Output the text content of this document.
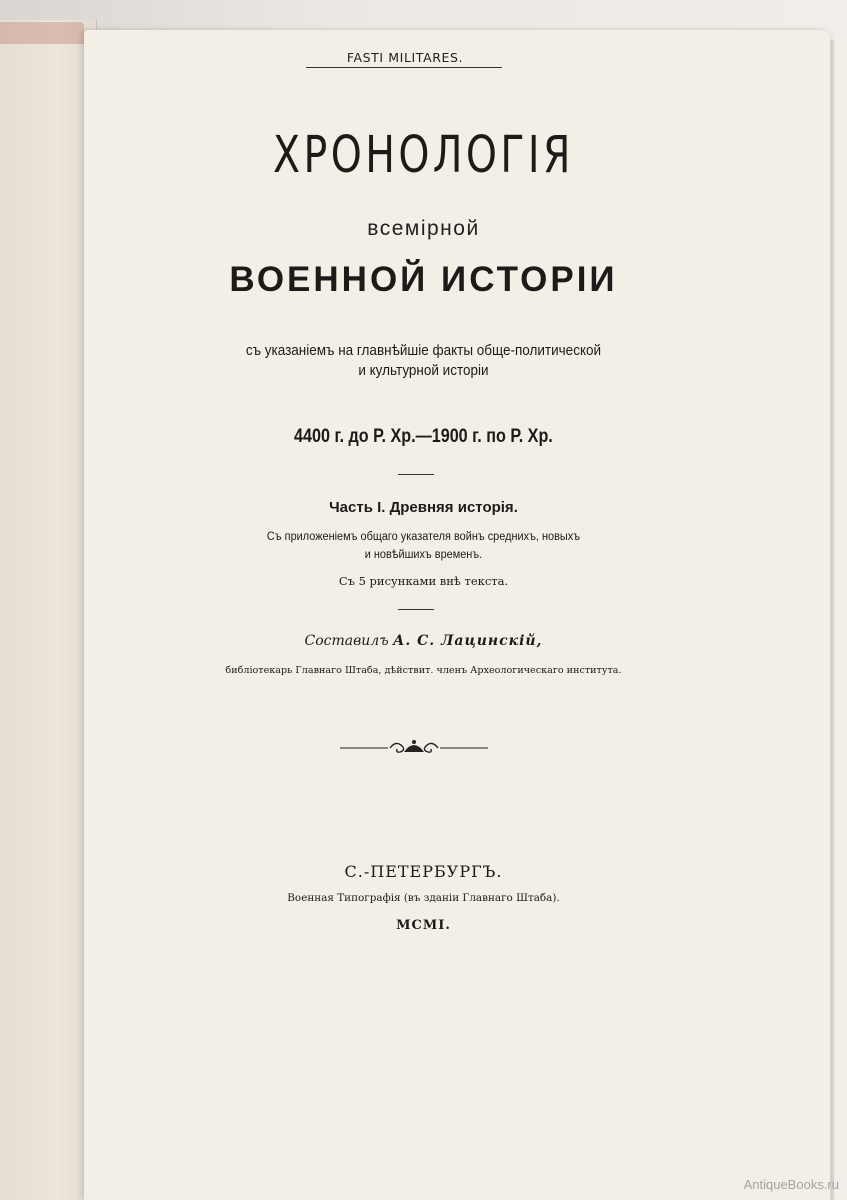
FASTI MILITARES.
ХРОНОЛОГІЯ
всемірной
ВОЕННОЙ ИСТОРІИ
съ указаніемъ на главнѣйшіе факты обще-политической
и культурной исторіи
4400 г. до Р. Хр.—1900 г. по Р. Хр.
Часть I. Древняя исторія.
Съ приложеніемъ общаго указателя войнъ среднихъ, новыхъ
и новѣйшихъ временъ.
Съ 5 рисунками внѣ текста.
Составилъ А. С. Лацинскій,
библіотекарь Главнаго Штаба, дѣйствит. членъ Археологическаго института.
С.-ПЕТЕРБУРГЪ.
Военная Типографія (въ зданіи Главнаго Штаба).
MCMI.
AntiqueBooks.ru
